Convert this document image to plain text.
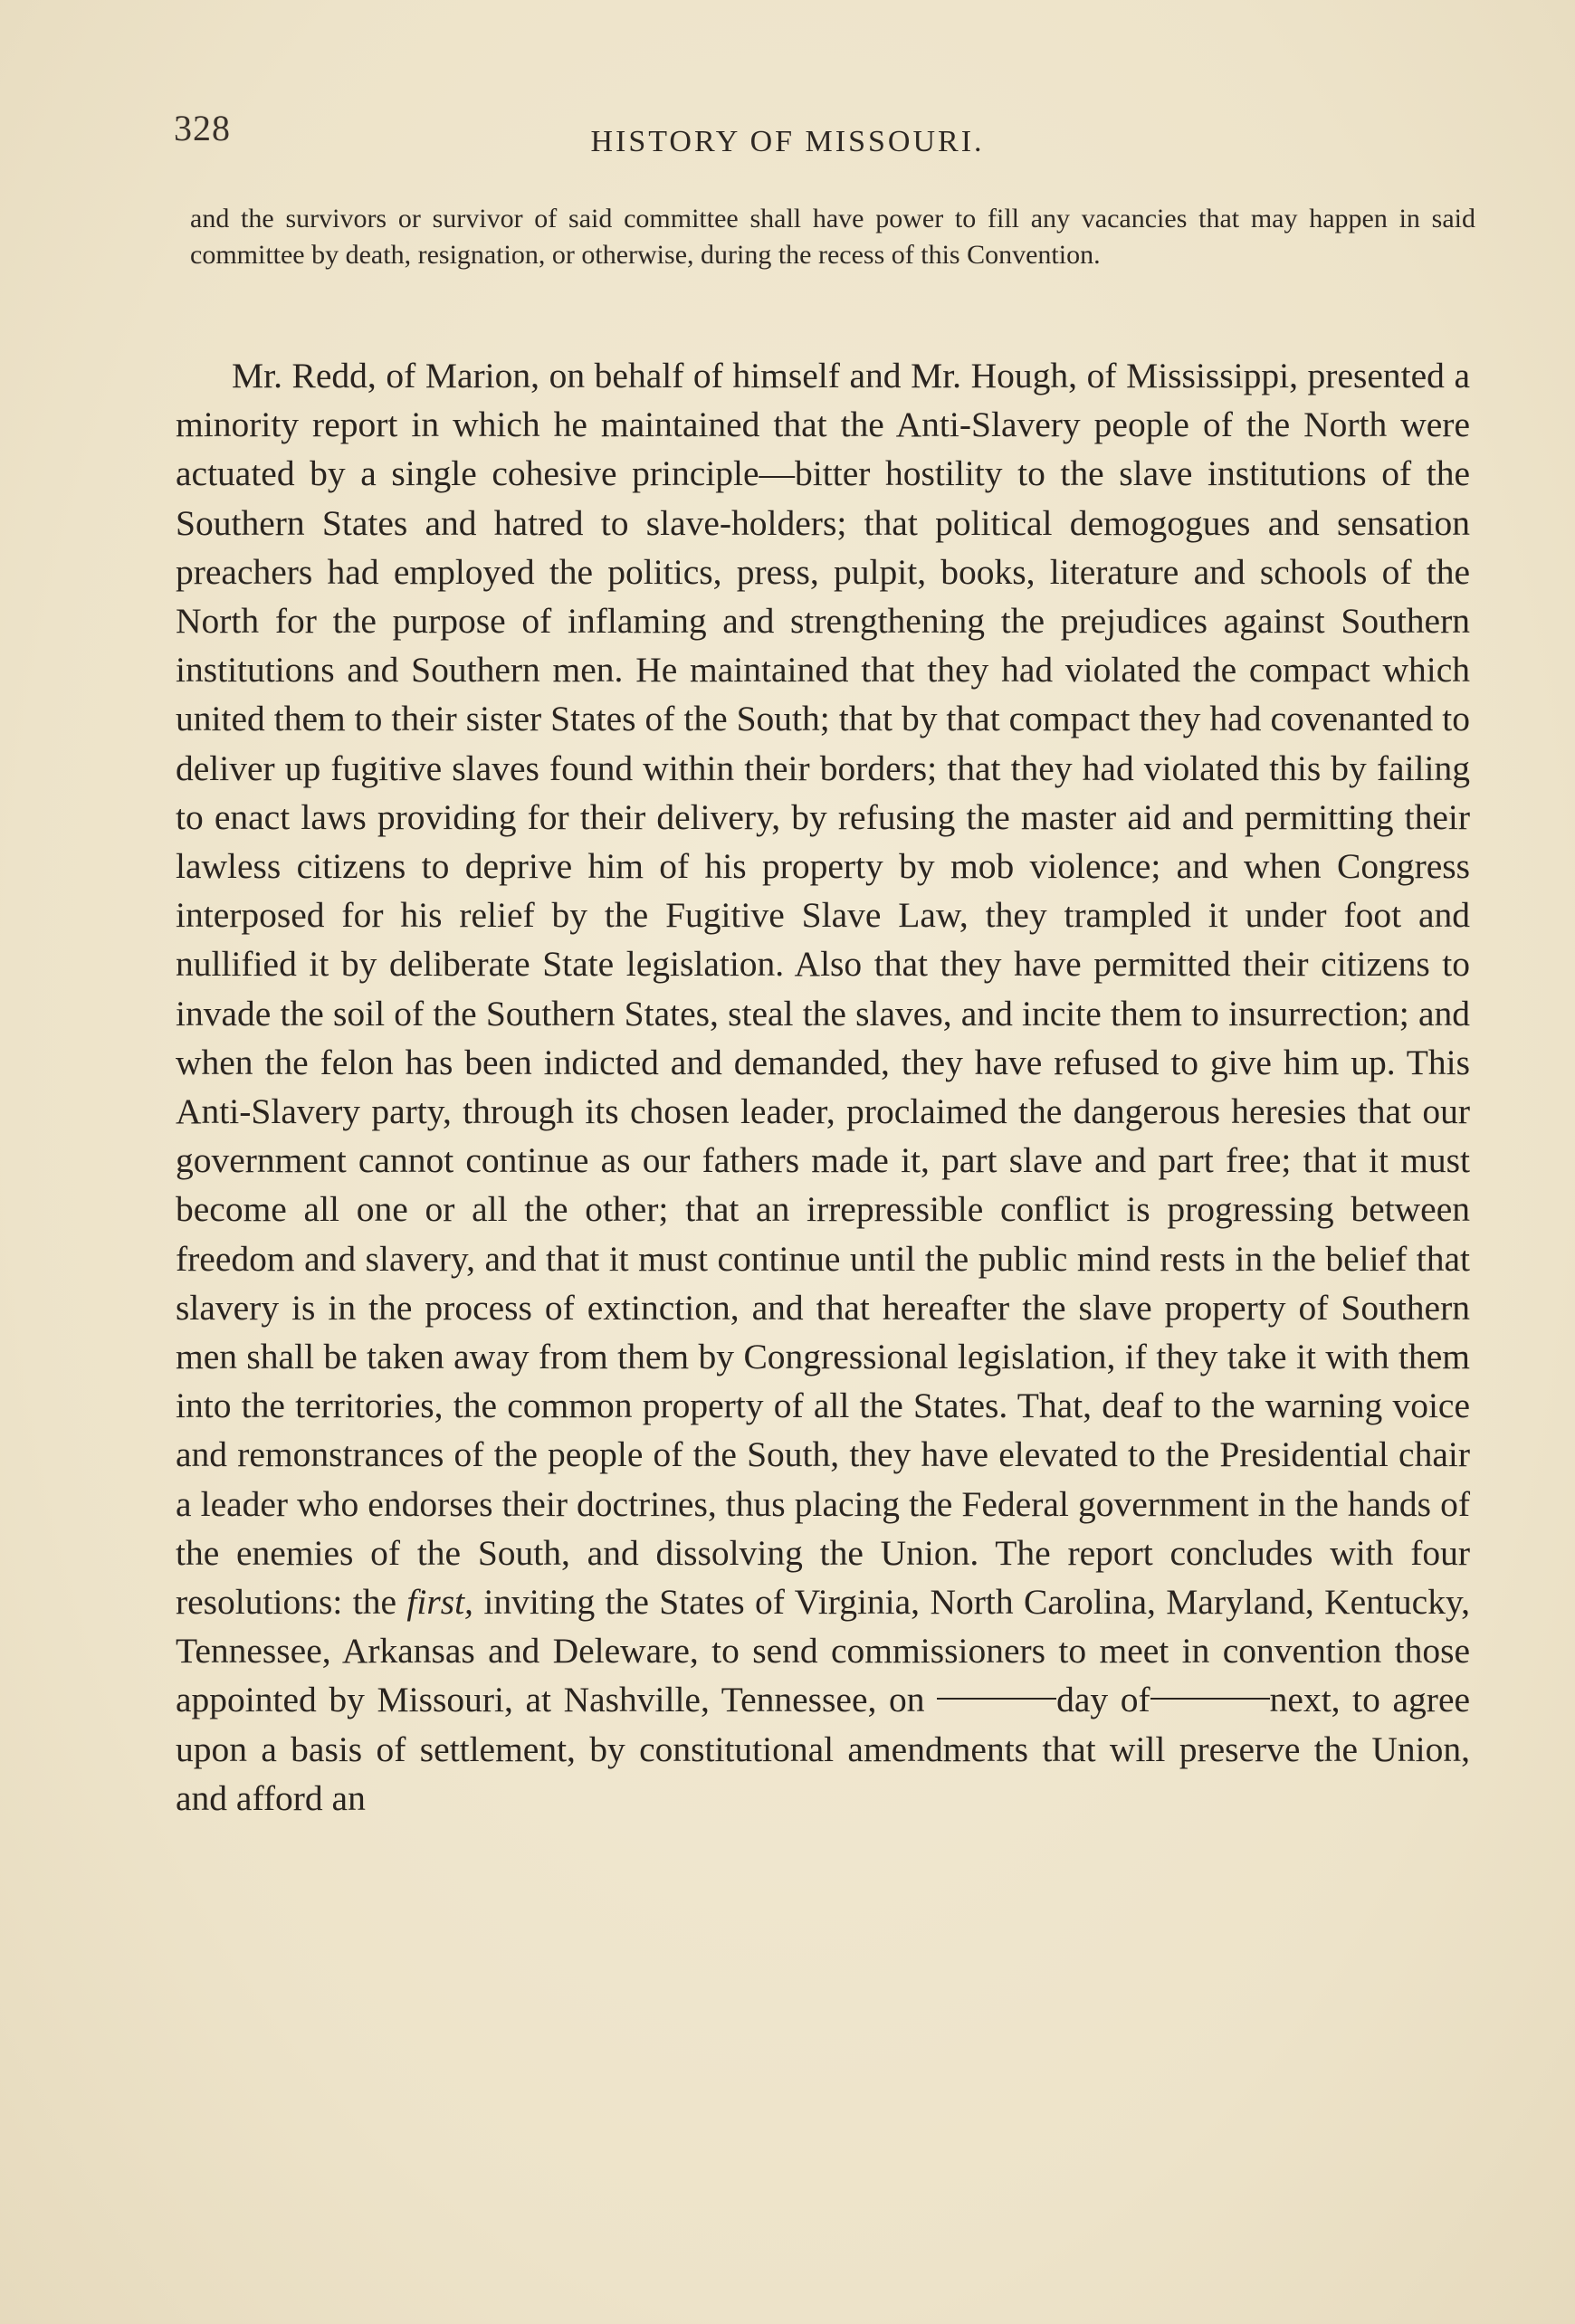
328	HISTORY OF MISSOURI.

and the survivors or survivor of said committee shall have power to fill any vacancies that may happen in said committee by death, resignation, or otherwise, during the recess of this Convention.

Mr. Redd, of Marion, on behalf of himself and Mr. Hough, of Mississippi, presented a minority report in which he maintained that the Anti-Slavery people of the North were actuated by a single cohesive principle—bitter hostility to the slave institutions of the Southern States and hatred to slave-holders; that political demogogues and sensation preachers had employed the politics, press, pulpit, books, literature and schools of the North for the purpose of inflaming and strengthening the prejudices against Southern institutions and Southern men. He maintained that they had violated the compact which united them to their sister States of the South; that by that compact they had covenanted to deliver up fugitive slaves found within their borders; that they had violated this by failing to enact laws providing for their delivery, by refusing the master aid and permitting their lawless citizens to deprive him of his property by mob violence; and when Congress interposed for his relief by the Fugitive Slave Law, they trampled it under foot and nullified it by deliberate State legislation. Also that they have permitted their citizens to invade the soil of the Southern States, steal the slaves, and incite them to insurrection; and when the felon has been indicted and demanded, they have refused to give him up. This Anti-Slavery party, through its chosen leader, proclaimed the dangerous heresies that our government cannot continue as our fathers made it, part slave and part free; that it must become all one or all the other; that an irrepressible conflict is progressing between freedom and slavery, and that it must continue until the public mind rests in the belief that slavery is in the process of extinction, and that hereafter the slave property of Southern men shall be taken away from them by Congressional legislation, if they take it with them into the territories, the common property of all the States. That, deaf to the warning voice and remonstrances of the people of the South, they have elevated to the Presidential chair a leader who endorses their doctrines, thus placing the Federal government in the hands of the enemies of the South, and dissolving the Union. The report concludes with four resolutions: the first, inviting the States of Virginia, North Carolina, Maryland, Kentucky, Tennessee, Arkansas and Deleware, to send commissioners to meet in convention those appointed by Missouri, at Nashville, Tennessee, on	day of	next, to agree upon a basis of settlement, by constitutional amendments that will preserve the Union, and afford an
